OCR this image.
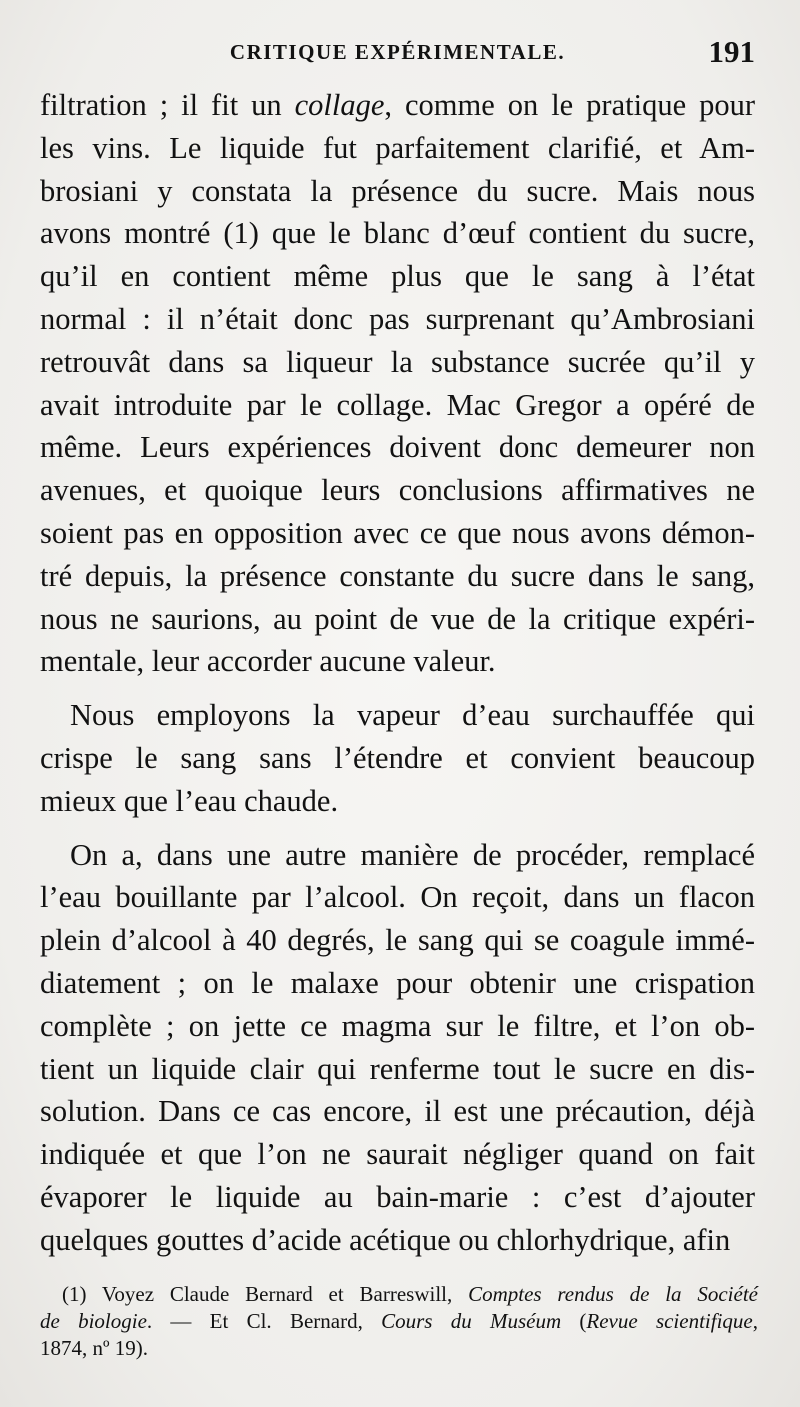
CRITIQUE EXPÉRIMENTALE.	191
filtration ; il fit un collage, comme on le pratique pour
les vins. Le liquide fut parfaitement clarifié, et Am-
brosiani y constata la présence du sucre. Mais nous
avons montré (1) que le blanc d’œuf contient du sucre,
qu’il en contient même plus que le sang à l’état
normal : il n’était donc pas surprenant qu’Ambrosiani
retrouvât dans sa liqueur la substance sucrée qu’il y
avait introduite par le collage. Mac Gregor a opéré de
même. Leurs expériences doivent donc demeurer non
avenues, et quoique leurs conclusions affirmatives ne
soient pas en opposition avec ce que nous avons démon-
tré depuis, la présence constante du sucre dans le sang,
nous ne saurions, au point de vue de la critique expéri-
mentale, leur accorder aucune valeur.
Nous employons la vapeur d’eau surchauffée qui
crispe le sang sans l’étendre et convient beaucoup
mieux que l’eau chaude.
On a, dans une autre manière de procéder, remplacé
l’eau bouillante par l’alcool. On reçoit, dans un flacon
plein d’alcool à 40 degrés, le sang qui se coagule immé-
diatement ; on le malaxe pour obtenir une crispation
complète ; on jette ce magma sur le filtre, et l’on ob-
tient un liquide clair qui renferme tout le sucre en dis-
solution. Dans ce cas encore, il est une précaution, déjà
indiquée et que l’on ne saurait négliger quand on fait
évaporer le liquide au bain-marie : c’est d’ajouter
quelques gouttes d’acide acétique ou chlorhydrique, afin
(1) Voyez Claude Bernard et Barreswill, Comptes rendus de la Société
de biologie. — Et Cl. Bernard, Cours du Muséum (Revue scientifique,
1874, nº 19).
